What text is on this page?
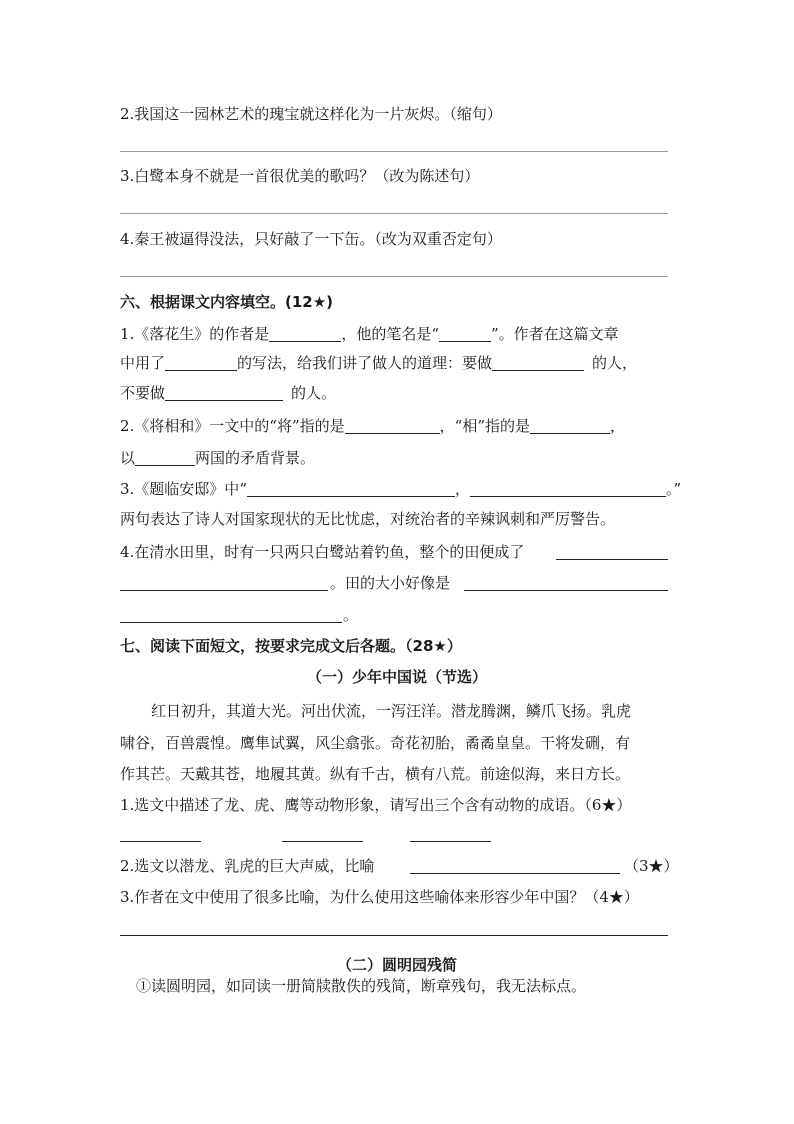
2.我国这一园林艺术的瑰宝就这样化为一片灰烬。（缩句）
3.白鹭本身不就是一首很优美的歌吗？（改为陈述句）
4.秦王被逼得没法，只好敲了一下缶。（改为双重否定句）
六、根据课文内容填空。(12★)
1.《落花生》的作者是	，他的笔名是“	”。作者在这篇文章
中用了	的写法，给我们讲了做人的道理：要做	的人，
不要做	的人。
2.《将相和》一文中的“将”指的是	，“相”指的是	，
以	两国的矛盾背景。
3.《题临安邸》中“	，	。”
两句表达了诗人对国家现状的无比忧虑，对统治者的辛辣讽刺和严厉警告。
4.在清水田里，时有一只两只白鹭站着钓鱼，整个的田便成了
。田的大小好像是
。
七、阅读下面短文，按要求完成文后各题。（28★）
（一）少年中国说（节选）
红日初升，其道大光。河出伏流，一泻汪洋。潜龙腾渊，鳞爪飞扬。乳虎
啸谷，百兽震惶。鹰隼试翼，风尘翕张。奇花初胎，矞矞皇皇。干将发硎，有
作其芒。天戴其苍，地履其黄。纵有千古，横有八荒。前途似海，来日方长。
1.选文中描述了龙、虎、鹰等动物形象，请写出三个含有动物的成语。（6★）
2.选文以潜龙、乳虎的巨大声威，比喻	（3★）
3.作者在文中使用了很多比喻，为什么使用这些喻体来形容少年中国？（4★）
（二）圆明园残简
①读圆明园，如同读一册简牍散佚的残简，断章残句，我无法标点。
